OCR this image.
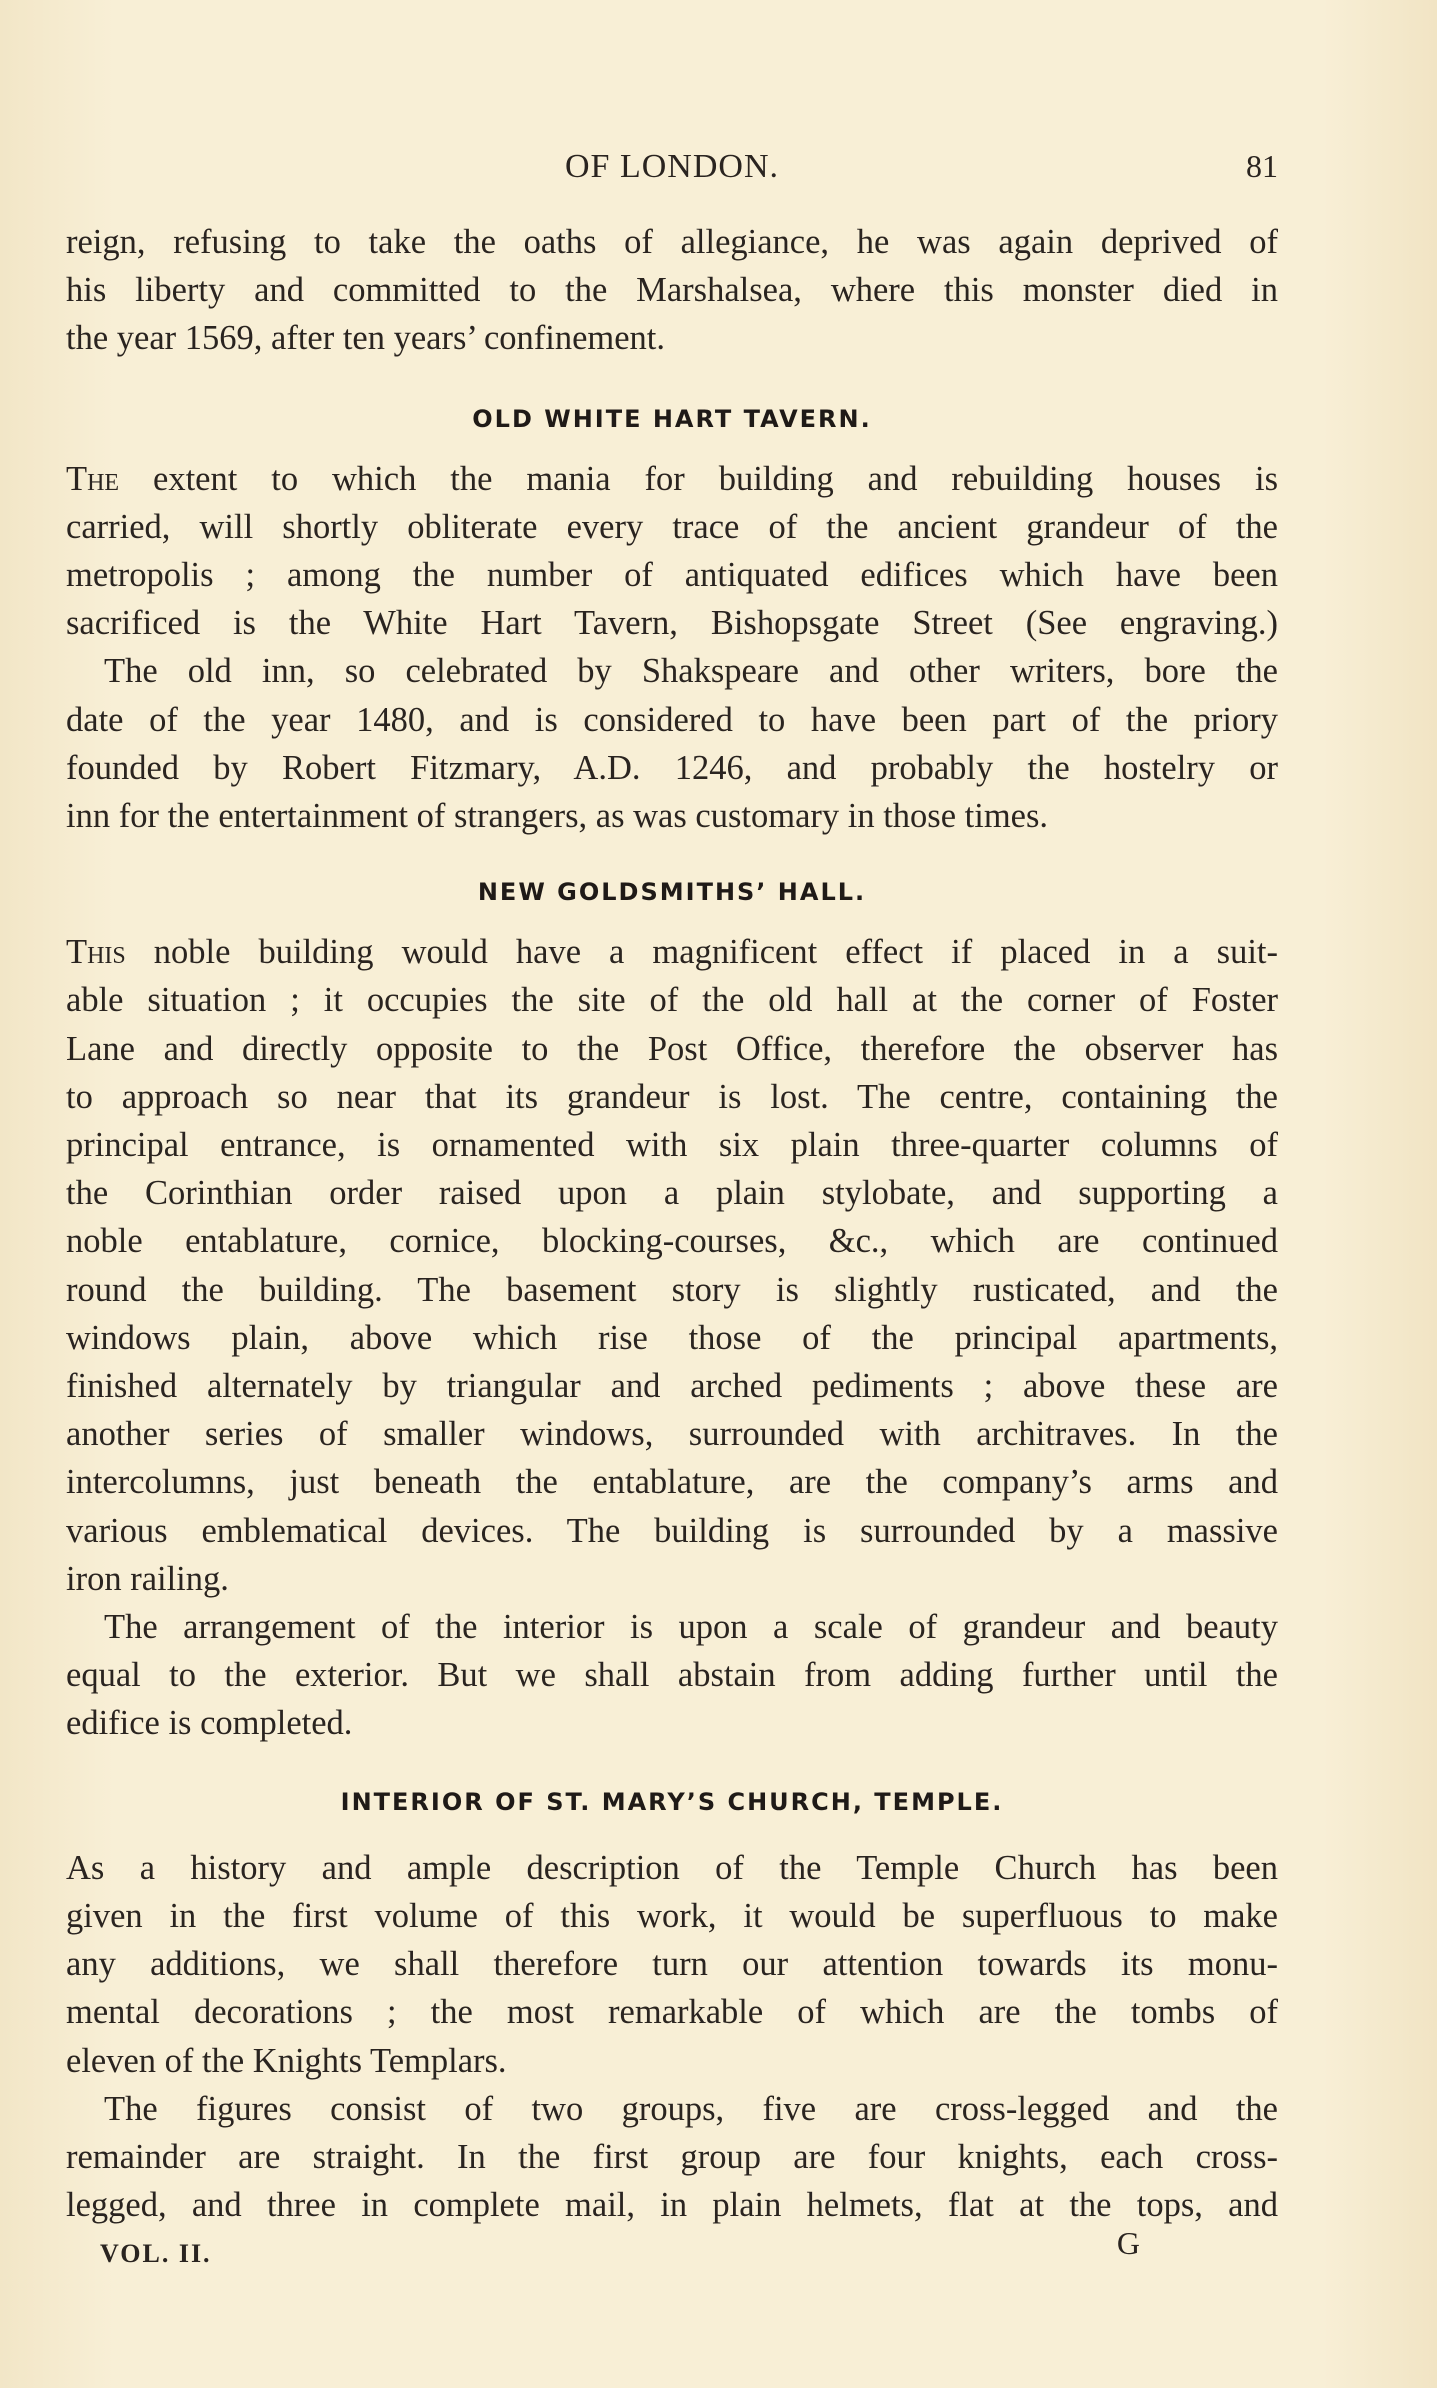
OF LONDON.	81

reign, refusing to take the oaths of allegiance, he was again deprived of
his liberty and committed to the Marshalsea, where this monster died in
the year 1569, after ten years’ confinement.

OLD WHITE HART TAVERN.

The extent to which the mania for building and rebuilding houses is
carried, will shortly obliterate every trace of the ancient grandeur of the
metropolis ; among the number of antiquated edifices which have been
sacrificed is the White Hart Tavern, Bishopsgate Street (See engraving.)

The old inn, so celebrated by Shakspeare and other writers, bore the
date of the year 1480, and is considered to have been part of the priory
founded by Robert Fitzmary, A.D. 1246, and probably the hostelry or
inn for the entertainment of strangers, as was customary in those times.

NEW GOLDSMITHS’ HALL.

This noble building would have a magnificent effect if placed in a suit-
able situation ; it occupies the site of the old hall at the corner of Foster
Lane and directly opposite to the Post Office, therefore the observer has
to approach so near that its grandeur is lost. The centre, containing the
principal entrance, is ornamented with six plain three-quarter columns of
the Corinthian order raised upon a plain stylobate, and supporting a
noble entablature, cornice, blocking-courses, &c., which are continued
round the building. The basement story is slightly rusticated, and the
windows plain, above which rise those of the principal apartments,
finished alternately by triangular and arched pediments ; above these are
another series of smaller windows, surrounded with architraves. In the
intercolumns, just beneath the entablature, are the company’s arms and
various emblematical devices. The building is surrounded by a massive
iron railing.

The arrangement of the interior is upon a scale of grandeur and beauty
equal to the exterior. But we shall abstain from adding further until the
edifice is completed.

INTERIOR OF ST. MARY’S CHURCH, TEMPLE.

As a history and ample description of the Temple Church has been
given in the first volume of this work, it would be superfluous to make
any additions, we shall therefore turn our attention towards its monu-
mental decorations ; the most remarkable of which are the tombs of
eleven of the Knights Templars.

The figures consist of two groups, five are cross-legged and the
remainder are straight. In the first group are four knights, each cross-
legged, and three in complete mail, in plain helmets, flat at the tops, and

VOL. II.	G
